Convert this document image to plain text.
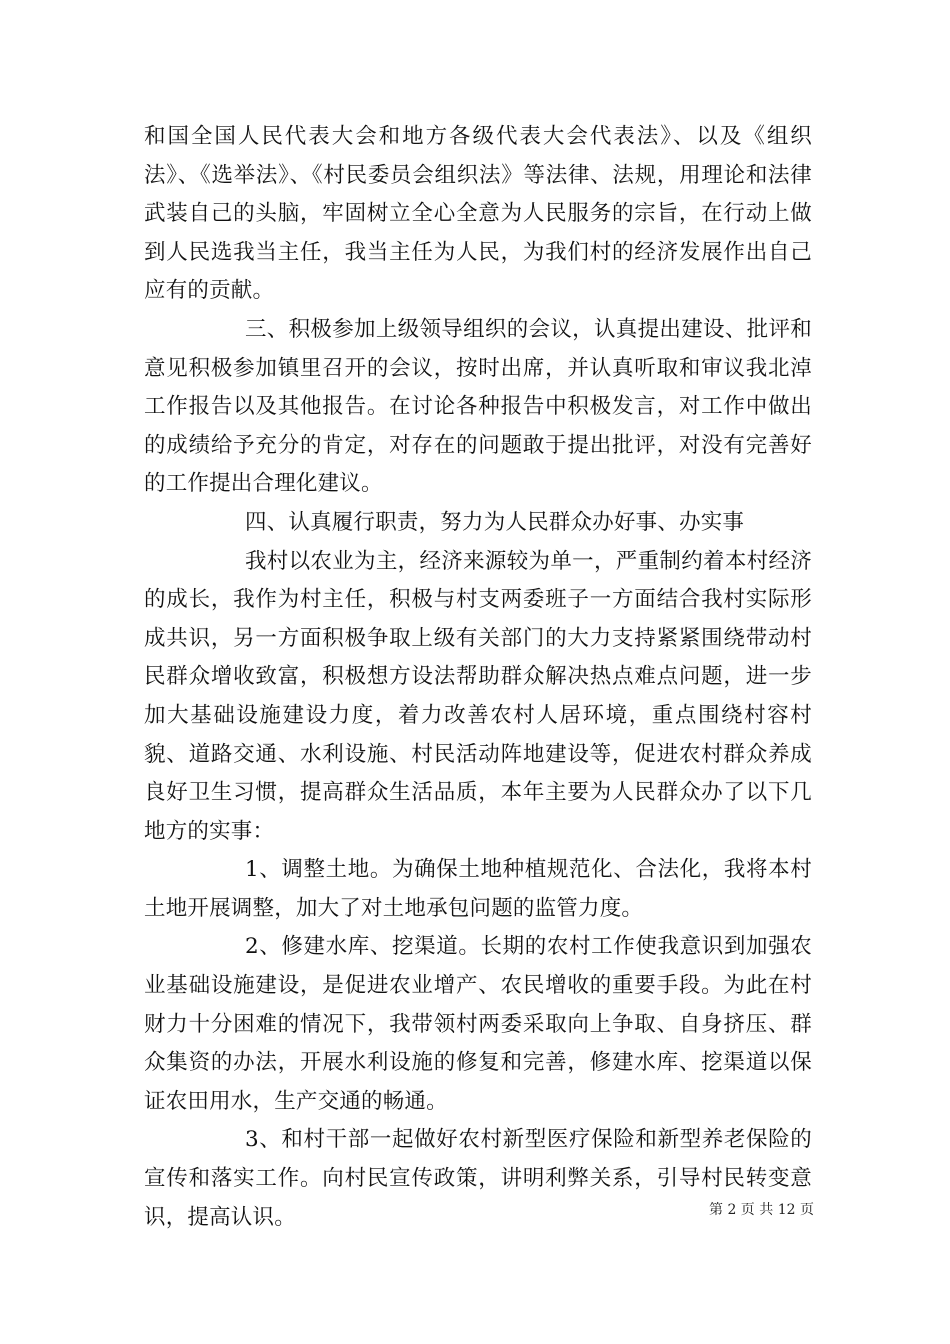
和国全国人民代表大会和地方各级代表大会代表法》、以及《组织法》、《选举法》、《村民委员会组织法》等法律、法规，用理论和法律武装自己的头脑，牢固树立全心全意为人民服务的宗旨，在行动上做到人民选我当主任，我当主任为人民，为我们村的经济发展作出自己应有的贡献。

三、积极参加上级领导组织的会议，认真提出建设、批评和意见积极参加镇里召开的会议，按时出席，并认真听取和审议我北淖工作报告以及其他报告。在讨论各种报告中积极发言，对工作中做出的成绩给予充分的肯定，对存在的问题敢于提出批评，对没有完善好的工作提出合理化建议。

四、认真履行职责，努力为人民群众办好事、办实事

我村以农业为主，经济来源较为单一，严重制约着本村经济的成长，我作为村主任，积极与村支两委班子一方面结合我村实际形成共识，另一方面积极争取上级有关部门的大力支持紧紧围绕带动村民群众增收致富，积极想方设法帮助群众解决热点难点问题，进一步加大基础设施建设力度，着力改善农村人居环境，重点围绕村容村貌、道路交通、水利设施、村民活动阵地建设等，促进农村群众养成良好卫生习惯，提高群众生活品质，本年主要为人民群众办了以下几地方的实事：

1、调整土地。为确保土地种植规范化、合法化，我将本村土地开展调整，加大了对土地承包问题的监管力度。

2、修建水库、挖渠道。长期的农村工作使我意识到加强农业基础设施建设，是促进农业增产、农民增收的重要手段。为此在村财力十分困难的情况下，我带领村两委采取向上争取、自身挤压、群众集资的办法，开展水利设施的修复和完善，修建水库、挖渠道以保证农田用水，生产交通的畅通。

3、和村干部一起做好农村新型医疗保险和新型养老保险的宣传和落实工作。向村民宣传政策，讲明利弊关系，引导村民转变意识，提高认识。	第 2 页 共 12 页
